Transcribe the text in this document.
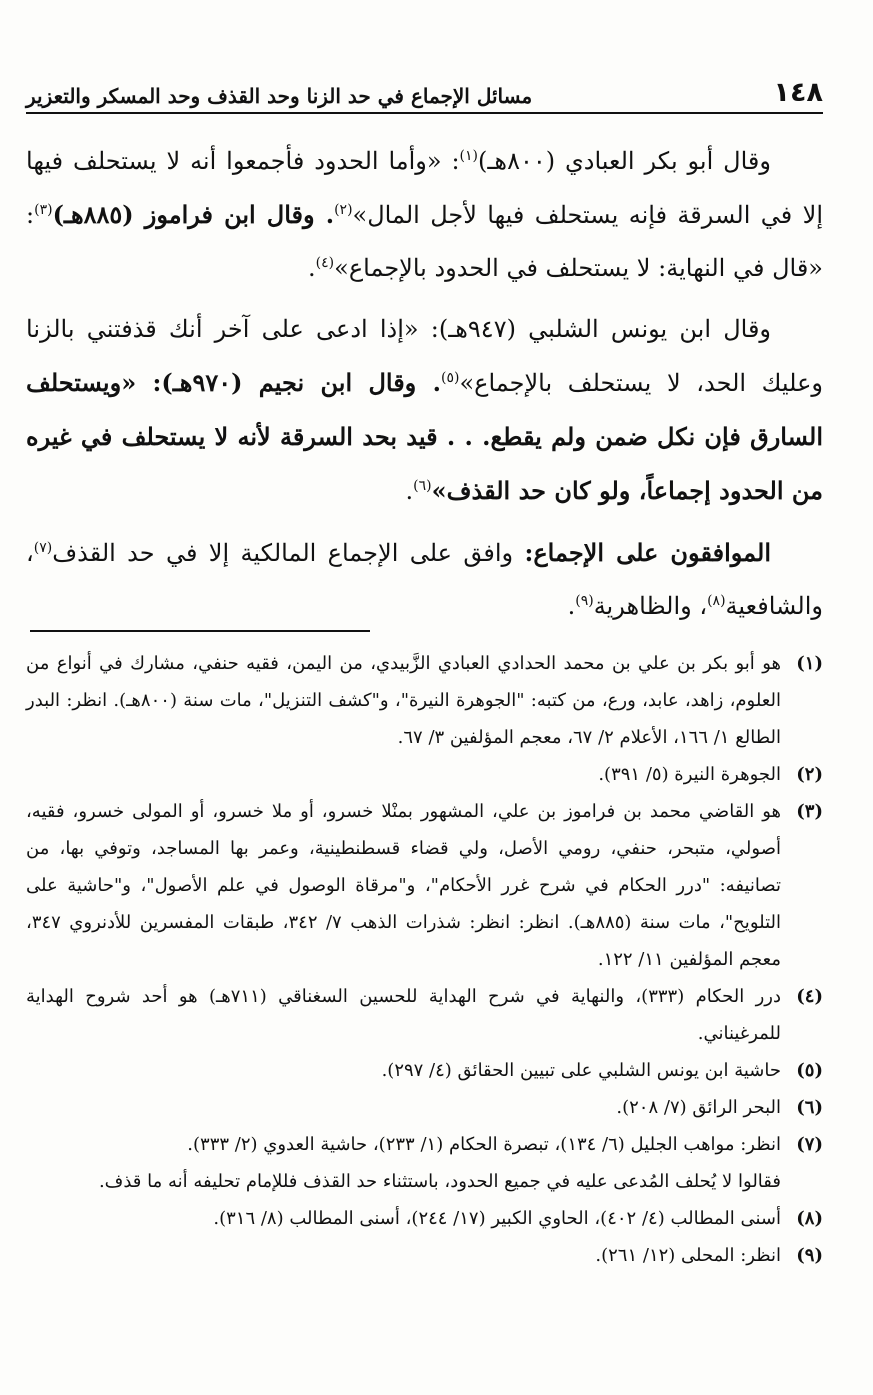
١٤٨
مسائل الإجماع في حد الزنا وحد القذف وحد المسكر والتعزير

وقال أبو بكر العبادي (٨٠٠هـ)$^{(١)}$: «وأما الحدود فأجمعوا أنه لا يستحلف فيها إلا في السرقة فإنه يستحلف فيها لأجل المال»$^{(٢)}$. وقال ابن فراموز (٨٨٥هـ)$^{(٣)}$: «قال في النهاية: لا يستحلف في الحدود بالإجماع»$^{(٤)}$.

وقال ابن يونس الشلبي (٩٤٧هـ): «إذا ادعى على آخر أنك قذفتني بالزنا وعليك الحد، لا يستحلف بالإجماع»$^{(٥)}$. وقال ابن نجيم (٩٧٠هـ): «ويستحلف السارق فإن نكل ضمن ولم يقطع. . . قيد بحد السرقة لأنه لا يستحلف في غيره من الحدود إجماعاً، ولو كان حد القذف»$^{(٦)}$.

الموافقون على الإجماع: وافق على الإجماع المالكية إلا في حد القذف$^{(٧)}$، والشافعية$^{(٨)}$، والظاهرية$^{(٩)}$.

(١)
هو أبو بكر بن علي بن محمد الحدادي العبادي الزَّبيدي، من اليمن، فقيه حنفي، مشارك في أنواع من العلوم، زاهد، عابد، ورع، من كتبه: "الجوهرة النيرة"، و"كشف التنزيل"، مات سنة (٨٠٠هـ). انظر: البدر الطالع ١/ ١٦٦، الأعلام ٢/ ٦٧، معجم المؤلفين ٣/ ٦٧.
(٢)
الجوهرة النيرة (٥/ ٣٩١).
(٣)
هو القاضي محمد بن فراموز بن علي، المشهور بمنْلا خسرو، أو ملا خسرو، أو المولى خسرو، فقيه، أصولي، متبحر، حنفي، رومي الأصل، ولي قضاء قسطنطينية، وعمر بها المساجد، وتوفي بها، من تصانيفه: "درر الحكام في شرح غرر الأحكام"، و"مرقاة الوصول في علم الأصول"، و"حاشية على التلويح"، مات سنة (٨٨٥هـ). انظر: انظر: شذرات الذهب ٧/ ٣٤٢، طبقات المفسرين للأدنروي ٣٤٧، معجم المؤلفين ١١/ ١٢٢.
(٤)
درر الحكام (٣٣٣)، والنهاية في شرح الهداية للحسين السغناقي (٧١١هـ) هو أحد شروح الهداية للمرغيناني.
(٥)
حاشية ابن يونس الشلبي على تبيين الحقائق (٤/ ٢٩٧).
(٦)
البحر الرائق (٧/ ٢٠٨).
(٧)
انظر: مواهب الجليل (٦/ ١٣٤)، تبصرة الحكام (١/ ٢٣٣)، حاشية العدوي (٢/ ٣٣٣).

فقالوا لا يُحلف المُدعى عليه في جميع الحدود، باستثناء حد القذف فللإمام تحليفه أنه ما قذف.

(٨)
أسنى المطالب (٤/ ٤٠٢)، الحاوي الكبير (١٧/ ٢٤٤)، أسنى المطالب (٨/ ٣١٦).
(٩)
انظر: المحلى (١٢/ ٢٦١).
